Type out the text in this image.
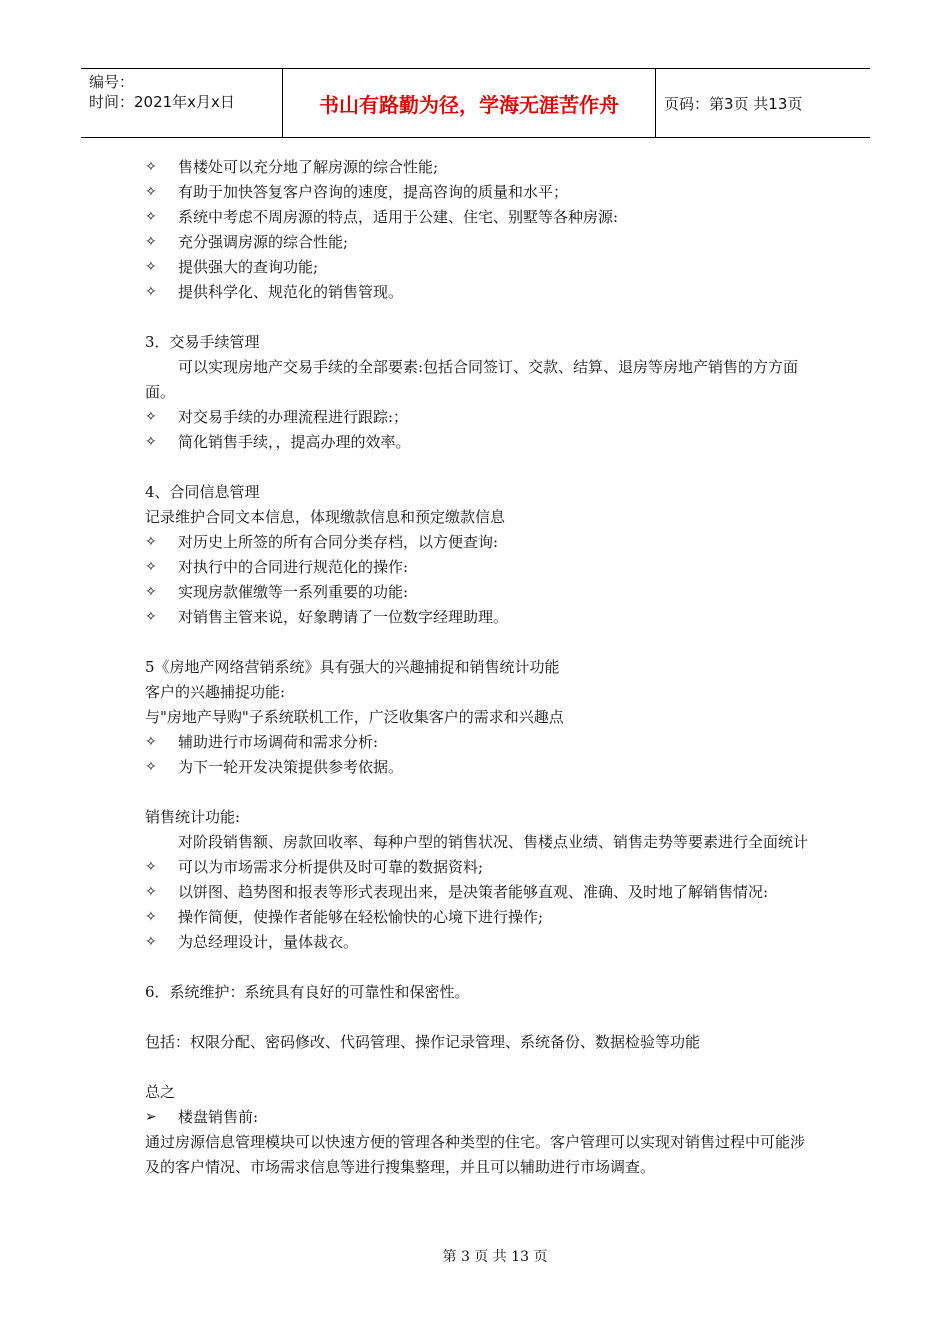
编号：
时间：2021年x月x日	书山有路勤为径，学海无涯苦作舟	页码：第3页 共13页
✧	售楼处可以充分地了解房源的综合性能;
✧	有助于加快答复客户咨询的速度，提高咨询的质量和水平；
✧	系统中考虑不周房源的特点，适用于公建、住宅、别墅等各种房源:
✧	充分强调房源的综合性能;
✧	提供强大的查询功能;
✧	提供科学化、规范化的销售管现。
3．交易手续管理
可以实现房地产交易手续的全部要素:包括合同签订、交款、结算、退房等房地产销售的方方面面。
✧	对交易手续的办理流程进行跟踪:；
✧	简化销售手续，，提高办理的效率。
4、合同信息管理
记录维护合同文本信息，体现缴款信息和预定缴款信息
✧	对历史上所签的所有合同分类存档，以方便查询:
✧	对执行中的合同进行规范化的操作:
✧	实现房款催缴等一系列重要的功能:
✧	对销售主管来说，好象聘请了一位数字经理助理。
5《房地产网络营销系统》具有强大的兴趣捕捉和销售统计功能
客户的兴趣捕捉功能:
与"房地产导购"子系统联机工作，广泛收集客户的需求和兴趣点
✧	辅助进行市场调荷和需求分析:
✧	为下一轮开发决策提供参考依据。
销售统计功能:
对阶段销售额、房款回收率、每种户型的销售状况、售楼点业绩、销售走势等要素进行全面统计
✧	可以为市场需求分析提供及时可靠的数据资料;
✧	以饼图、趋势图和报表等形式表现出来，是决策者能够直观、准确、及时地了解销售情况:
✧	操作简便，使操作者能够在轻松愉快的心境下进行操作;
✧	为总经理设计，量体裁衣。
6．系统维护：系统具有良好的可靠性和保密性。
包括：权限分配、密码修改、代码管理、操作记录管理、系统备份、数据检验等功能
总之
➢	楼盘销售前:
通过房源信息管理模块可以快速方便的管理各种类型的住宅。客户管理可以实现对销售过程中可能涉及的客户情况、市场需求信息等进行搜集整理，并且可以辅助进行市场调查。
第 3 页 共 13 页
